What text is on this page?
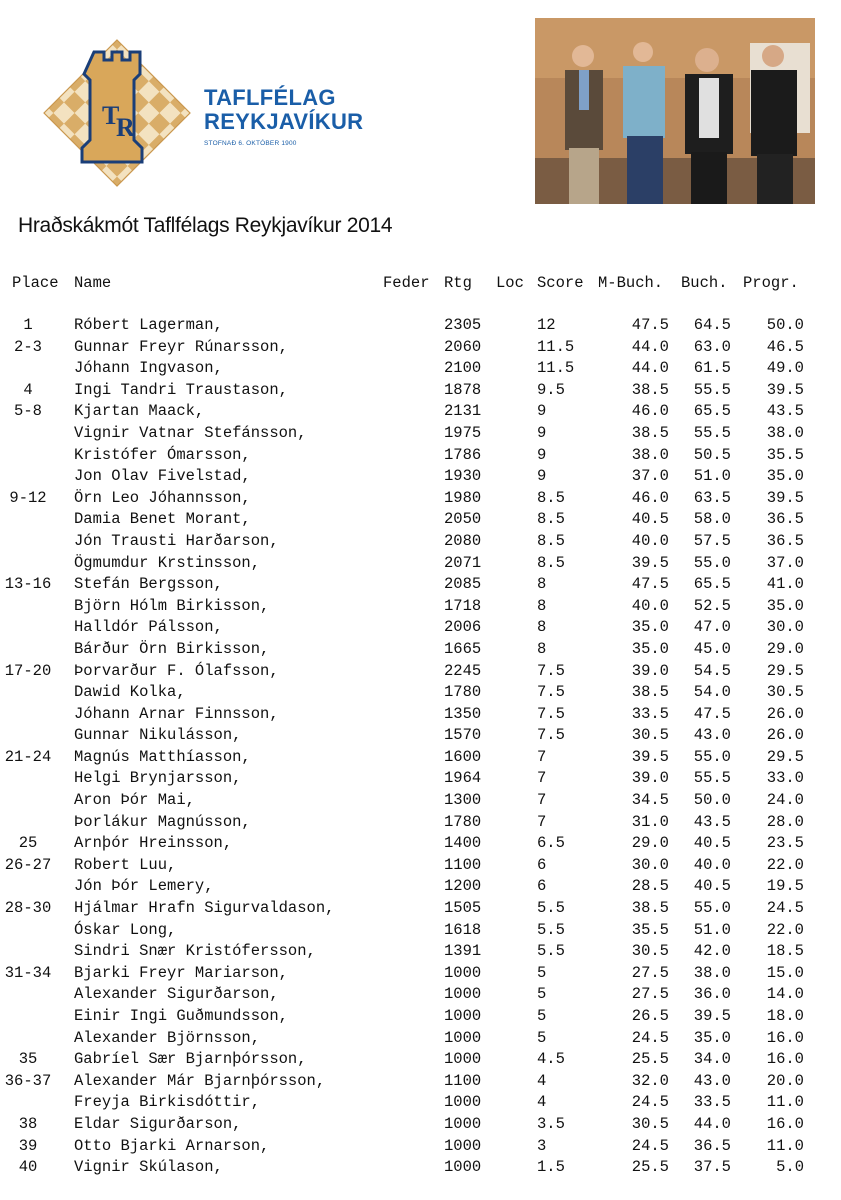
T
R
TAFLFÉLAG
REYKJAVÍKUR
STOFNAÐ 6. OKTÓBER 1900
Hraðskákmót Taflfélags Reykjavíkur 2014
Place Name	Feder Rtg Loc Score M-Buch. Buch. Progr.
1	Róbert Lagerman,	2305	12	47.5 64.5 50.0
2-3	Gunnar Freyr Rúnarsson,	2060	11.5	44.0 63.0 46.5
Jóhann Ingvason,	2100	11.5	44.0 61.5 49.0
4	Ingi Tandri Traustason,	1878	9.5	38.5 55.5 39.5
5-8	Kjartan Maack,	2131	9	46.0 65.5 43.5
Vignir Vatnar Stefánsson,	1975	9	38.5 55.5 38.0
Kristófer Ómarsson,	1786	9	38.0 50.5 35.5
Jon Olav Fivelstad,	1930	9	37.0 51.0 35.0
9-12	Örn Leo Jóhannsson,	1980	8.5	46.0 63.5 39.5
Damia Benet Morant,	2050	8.5	40.5 58.0 36.5
Jón Trausti Harðarson,	2080	8.5	40.0 57.5 36.5
Ögmumdur Krstinsson,	2071	8.5	39.5 55.0 37.0
13-16	Stefán Bergsson,	2085	8	47.5 65.5 41.0
Björn Hólm Birkisson,	1718	8	40.0 52.5 35.0
Halldór Pálsson,	2006	8	35.0 47.0 30.0
Bárður Örn Birkisson,	1665	8	35.0 45.0 29.0
17-20	Þorvarður F. Ólafsson,	2245	7.5	39.0 54.5 29.5
Dawid Kolka,	1780	7.5	38.5 54.0 30.5
Jóhann Arnar Finnsson,	1350	7.5	33.5 47.5 26.0
Gunnar Nikulásson,	1570	7.5	30.5 43.0 26.0
21-24	Magnús Matthíasson,	1600	7	39.5 55.0 29.5
Helgi Brynjarsson,	1964	7	39.0 55.5 33.0
Aron Þór Mai,	1300	7	34.5 50.0 24.0
Þorlákur Magnússon,	1780	7	31.0 43.5 28.0
25	Arnþór Hreinsson,	1400	6.5	29.0 40.5 23.5
26-27	Robert Luu,	1100	6	30.0 40.0 22.0
Jón Þór Lemery,	1200	6	28.5 40.5 19.5
28-30	Hjálmar Hrafn Sigurvaldason,	1505	5.5	38.5 55.0 24.5
Óskar Long,	1618	5.5	35.5 51.0 22.0
Sindri Snær Kristófersson,	1391	5.5	30.5 42.0 18.5
31-34	Bjarki Freyr Mariarson,	1000	5	27.5 38.0 15.0
Alexander Sigurðarson,	1000	5	27.5 36.0 14.0
Einir Ingi Guðmundsson,	1000	5	26.5 39.5 18.0
Alexander Björnsson,	1000	5	24.5 35.0 16.0
35	Gabríel Sær Bjarnþórsson,	1000	4.5	25.5 34.0 16.0
36-37	Alexander Már Bjarnþórsson,	1100	4	32.0 43.0 20.0
Freyja Birkisdóttir,	1000	4	24.5 33.5 11.0
38	Eldar Sigurðarson,	1000	3.5	30.5 44.0 16.0
39	Otto Bjarki Arnarson,	1000	3	24.5 36.5 11.0
40	Vignir Skúlason,	1000	1.5	25.5 37.5	5.0
